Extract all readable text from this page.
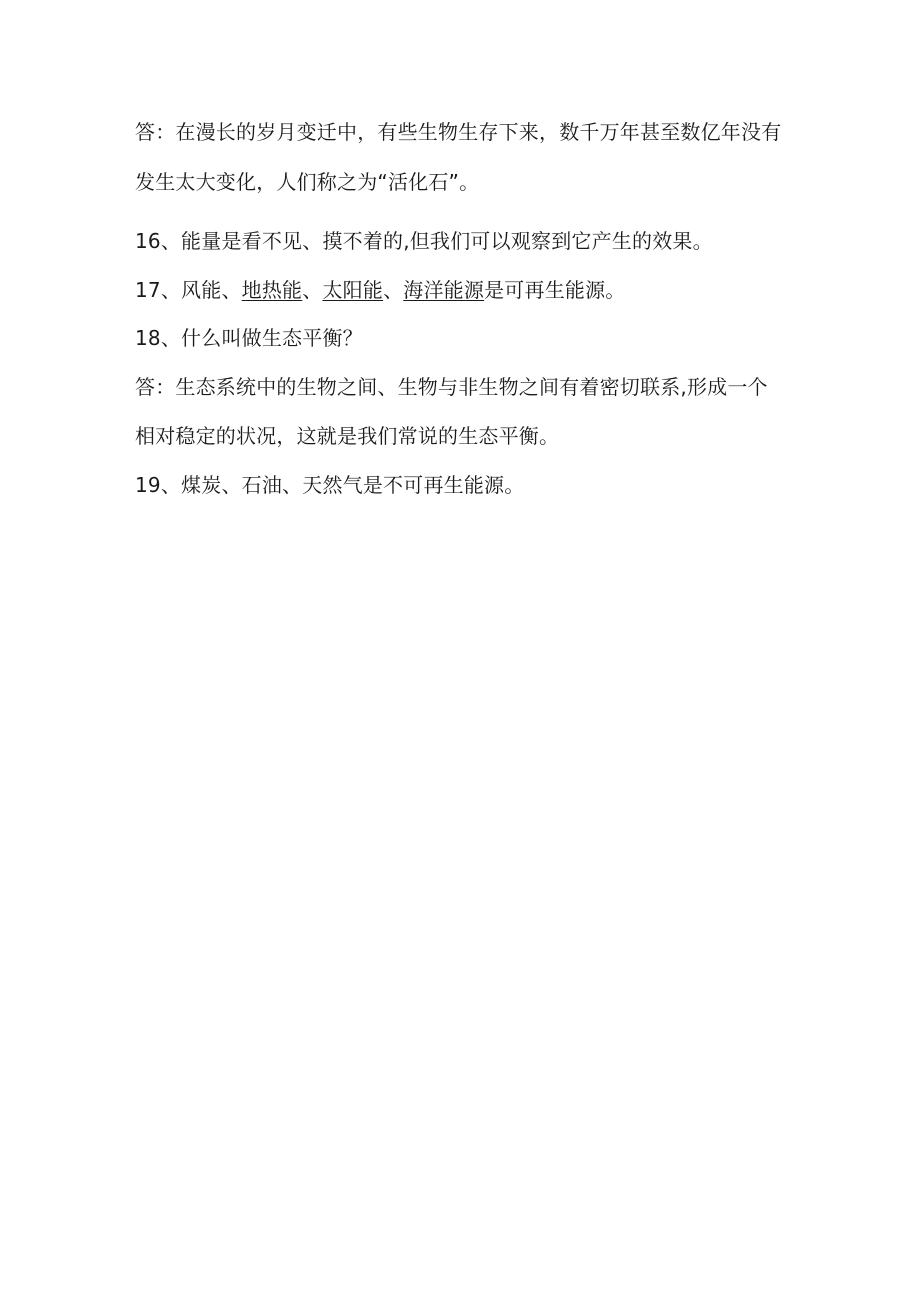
答：在漫长的岁月变迁中，有些生物生存下来，数千万年甚至数亿年没有
发生太大变化，人们称之为“活化石”。
16、能量是看不见、摸不着的,但我们可以观察到它产生的效果。
17、风能、地热能、太阳能、海洋能源是可再生能源。
18、什么叫做生态平衡？
答：生态系统中的生物之间、生物与非生物之间有着密切联系,形成一个
相对稳定的状况，这就是我们常说的生态平衡。
19、煤炭、石油、天然气是不可再生能源。
